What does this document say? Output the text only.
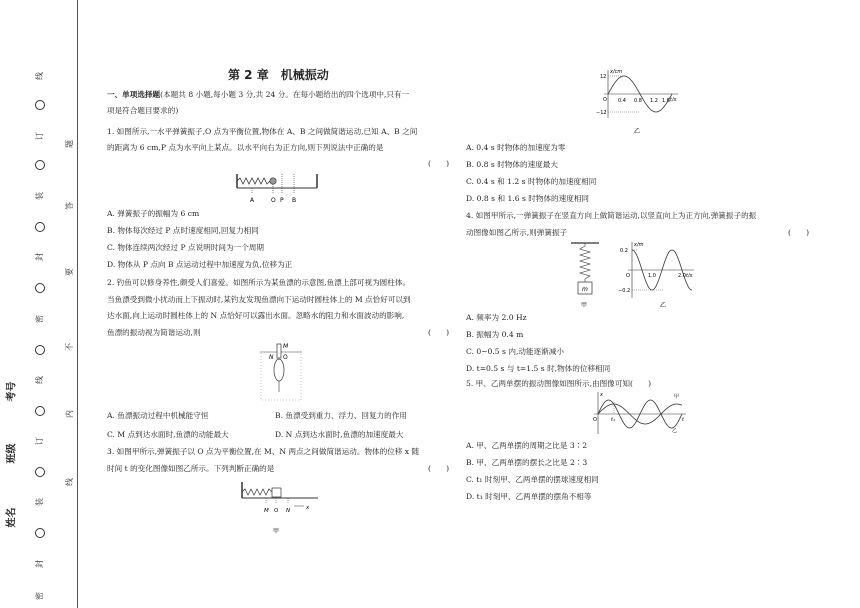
线
订
装
封
密
线
订
装
封
密
题
答
要
不
内
线
考号
班级
姓名
第 2 章　机械振动
一、单项选择题(本题共 8 小题,每小题 3 分,共 24 分。在每小题给出的四个选项中,只有一
项是符合题目要求的)
1. 如图所示,一水平弹簧振子,O 点为平衡位置,物体在 A、B 之间做简谐运动,已知 A、B 之间
的距离为 6 cm,P 点为水平向上某点。以水平向右为正方向,则下列说法中正确的是
(　　)
A	O P B
A. 弹簧振子的振幅为 6 cm
B. 物体每次经过 P 点时速度相同,回复力相同
C. 物体连续两次经过 P 点说明时间为一个周期
D. 物体从 P 点向 B 点运动过程中加速度为负,位移为正
2. 钓鱼可以修身养性,颇受人们喜爱。如图所示为某鱼漂的示意图,鱼漂上部可视为圆柱体。
当鱼漂受到微小扰动而上下振动时,某钓友发现鱼漂向下运动时圆柱体上的 M 点恰好可以到
达水面,向上运动时圆柱体上的 N 点恰好可以露出水面。忽略水的阻力和水面波动的影响,
鱼漂的振动视为简谐运动,则	(　　)
M
O
N
A. 鱼漂振动过程中机械能守恒	B. 鱼漂受到重力、浮力、回复力的作用
C. M 点到达水面时,鱼漂的动能最大	D. N 点到达水面时,鱼漂的加速度最大
3. 如图甲所示,弹簧振子以 O 点为平衡位置,在 M、N 两点之间做简谐运动。物体的位移 x 随
时间 t 的变化图像如图乙所示。下列判断正确的是	(　　)
M O N	x
甲
x/cm
t/s
12
−12
O 0.4 0.8 1.2 1.6
乙
A. 0.4 s 时物体的加速度为零
B. 0.8 s 时物体的速度最大
C. 0.4 s 和 1.2 s 时物体的加速度相同
D. 0.8 s 和 1.6 s 时物体的速度相同
4. 如图甲所示,一弹簧振子在竖直方向上做简谐运动,以竖直向上为正方向,弹簧振子的振
动图像如图乙所示,则弹簧振子	(　　)
m
甲
x/m
t/s
0.2
−0.2
O	1.0	2.0
乙
A. 频率为 2.0 Hz
B. 振幅为 0.4 m
C. 0~0.5 s 内,动能逐渐减小
D. t=0.5 s 与 t=1.5 s 时,物体的位移相同
5. 甲、乙两单摆的振动图像如图所示,由图像可知(　　)
x
t
O	t₁
甲
乙
A. 甲、乙两单摆的周期之比是 3∶2
B. 甲、乙两单摆的摆长之比是 2∶3
C. t₁ 时刻甲、乙两单摆的摆球速度相同
D. t₁ 时刻甲、乙两单摆的摆角不相等
